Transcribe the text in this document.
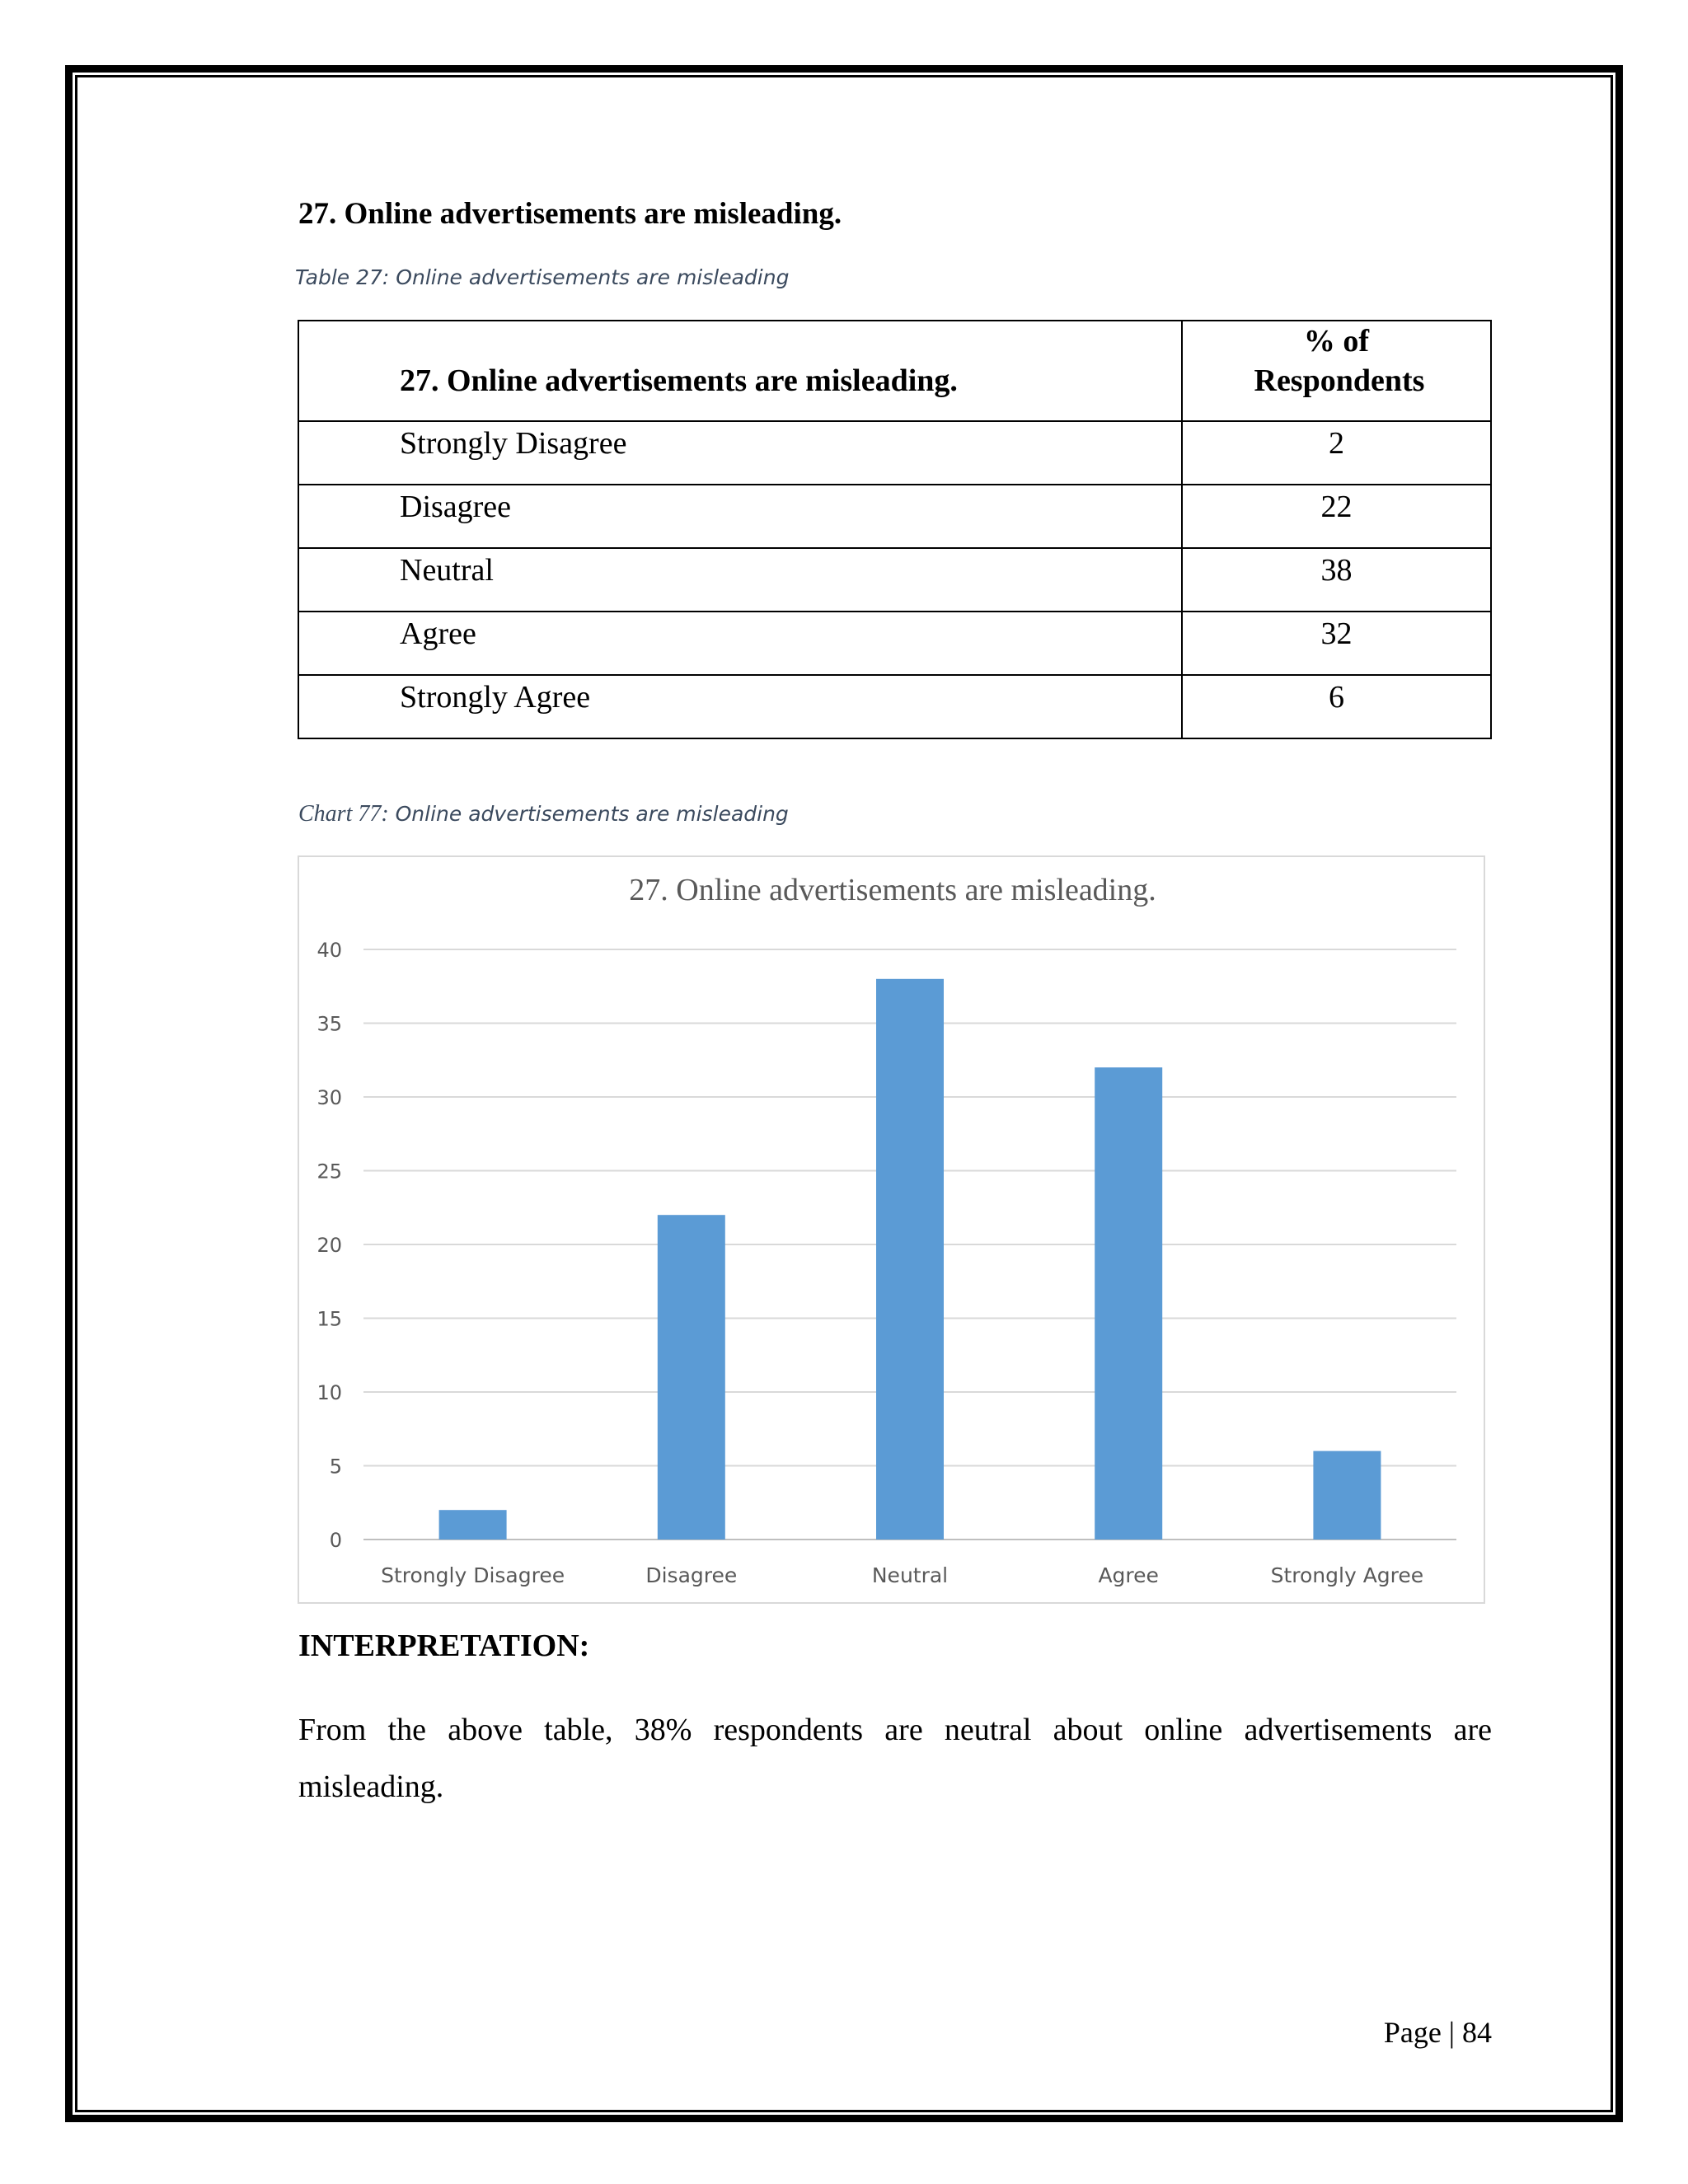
27. Online advertisements are misleading.
Table 27: Online advertisements are misleading
27. Online advertisements are misleading.	% of Respondents
Strongly Disagree	2
Disagree	22
Neutral	38
Agree	32
Strongly Agree	6
Chart 77: Online advertisements are misleading
27. Online advertisements are misleading.
0
5
10
15
20
25
30
35
40
Strongly Disagree	Disagree	Neutral	Agree	Strongly Agree
INTERPRETATION:

From the above table, 38% respondents are neutral about online advertisements are misleading.

Page | 84
